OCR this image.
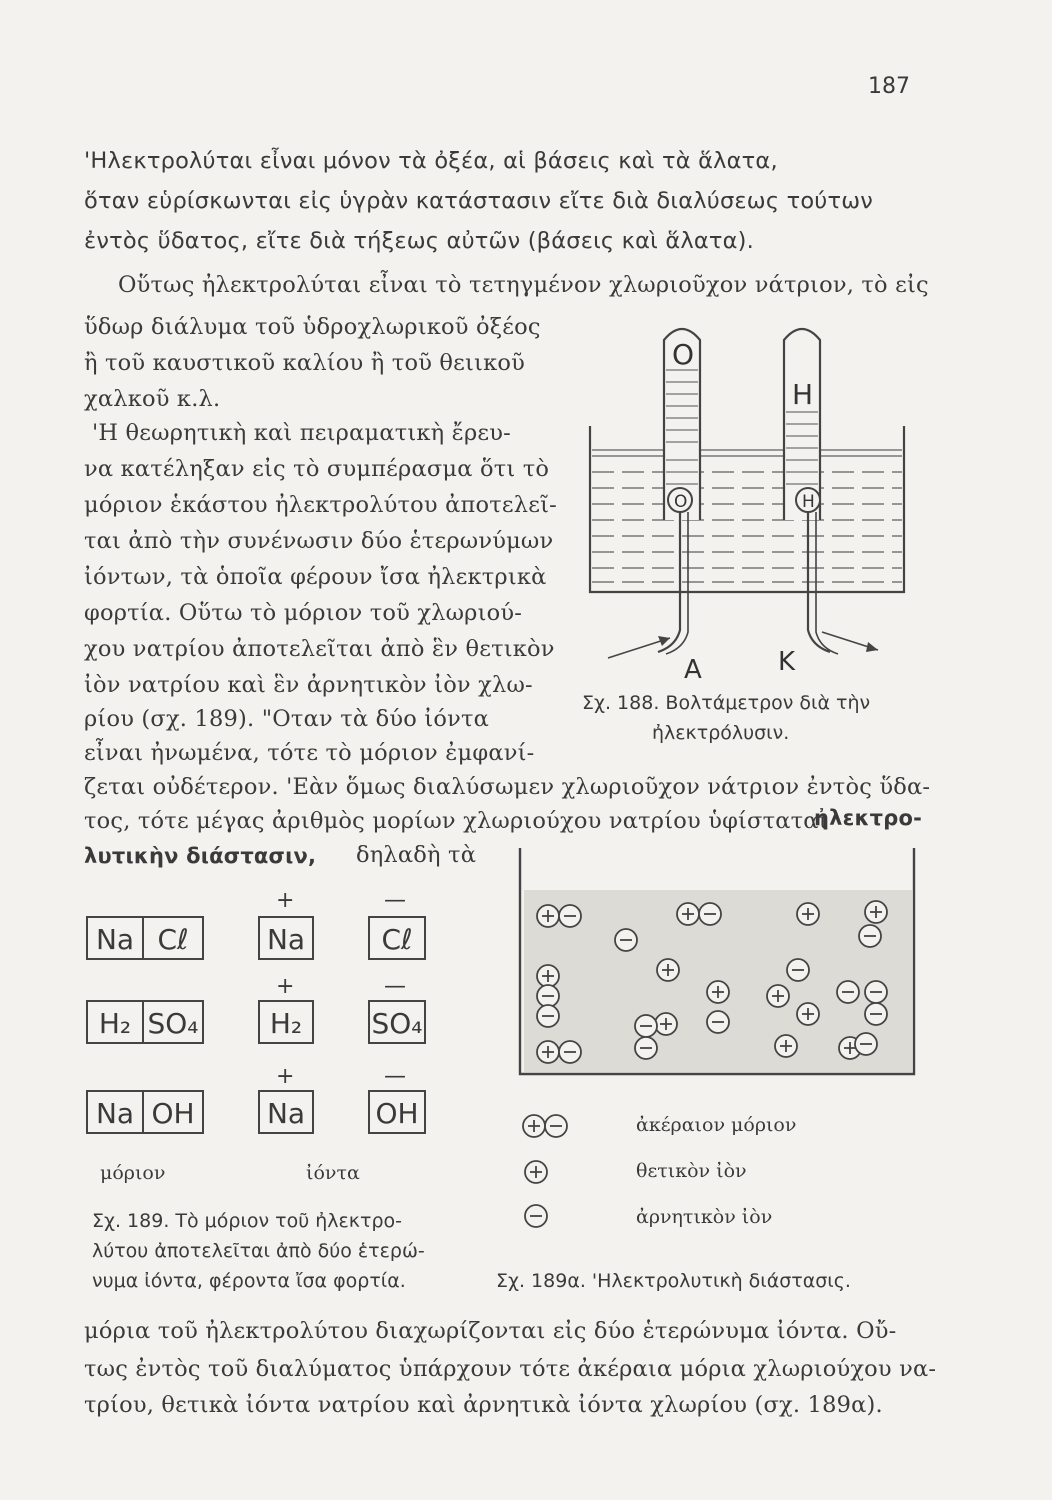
187
'Ηλεκτρολύται εἶναι μόνον τὰ ὀξέα, αἱ βάσεις καὶ τὰ ἅλατα,
ὅταν εὑρίσκωνται εἰς ὑγρὰν κατάστασιν εἴτε διὰ διαλύσεως τούτων
ἐντὸς ὕδατος, εἴτε διὰ τήξεως αὐτῶν (βάσεις καὶ ἅλατα).
Οὕτως ἠλεκτρολύται εἶναι τὸ τετηγμένον χλωριοῦχον νάτριον, τὸ εἰς
ὕδωρ διάλυμα τοῦ ὑδροχλωρικοῦ ὀξέος
ἢ τοῦ καυστικοῦ καλίου ἢ τοῦ θειικοῦ
χαλκοῦ κ.λ.
'Η θεωρητικὴ καὶ πειραματικὴ ἔρευ-
να κατέληξαν εἰς τὸ συμπέρασμα ὅτι τὸ
μόριον ἑκάστου ἠλεκτρολύτου ἀποτελεῖ-
ται ἀπὸ τὴν συνένωσιν δύο ἑτερωνύμων
ἰόντων, τὰ ὁποῖα φέρουν ἴσα ἠλεκτρικὰ
φορτία. Οὕτω τὸ μόριον τοῦ χλωριού-
χου νατρίου ἀποτελεῖται ἀπὸ ἓν θετικὸν
ἰὸν νατρίου καὶ ἓν ἀρνητικὸν ἰὸν χλω-
ρίου (σχ. 189). "Οταν τὰ δύο ἰόντα
εἶναι ἠνωμένα, τότε τὸ μόριον ἐμφανί-
ζεται οὐδέτερον. 'Εὰν ὅμως διαλύσωμεν χλωριοῦχον νάτριον ἐντὸς ὕδα-
τος, τότε μέγας ἀριθμὸς μορίων χλωριούχου νατρίου ὑφίσταται
ἠλεκτρο-
λυτικὴν διάστασιν, δηλαδὴ τὰ
O	H
O
H
A	K
Σχ. 188. Βολτάμετρον διὰ τὴν
ἠλεκτρόλυσιν.
Na Cℓ
+	—
Na	Cℓ
H₂ SO₄
+	—
H₂	SO₄
Na OH
+	—
Na	OH
μόριον	ἰόντα
Σχ. 189. Τὸ μόριον τοῦ ἠλεκτρο-
λύτου ἀποτελεῖται ἀπὸ δύο ἑτερώ-
νυμα ἰόντα, φέροντα ἴσα φορτία.
ἀκέραιον μόριον
θετικὸν ἰὸν
ἀρνητικὸν ἰὸν
Σχ. 189α. 'Ηλεκτρολυτικὴ διάστασις.
μόρια τοῦ ἠλεκτρολύτου διαχωρίζονται εἰς δύο ἑτερώνυμα ἰόντα. Οὔ-
τως ἐντὸς τοῦ διαλύματος ὑπάρχουν τότε ἀκέραια μόρια χλωριούχου να-
τρίου, θετικὰ ἰόντα νατρίου καὶ ἀρνητικὰ ἰόντα χλωρίου (σχ. 189α).
